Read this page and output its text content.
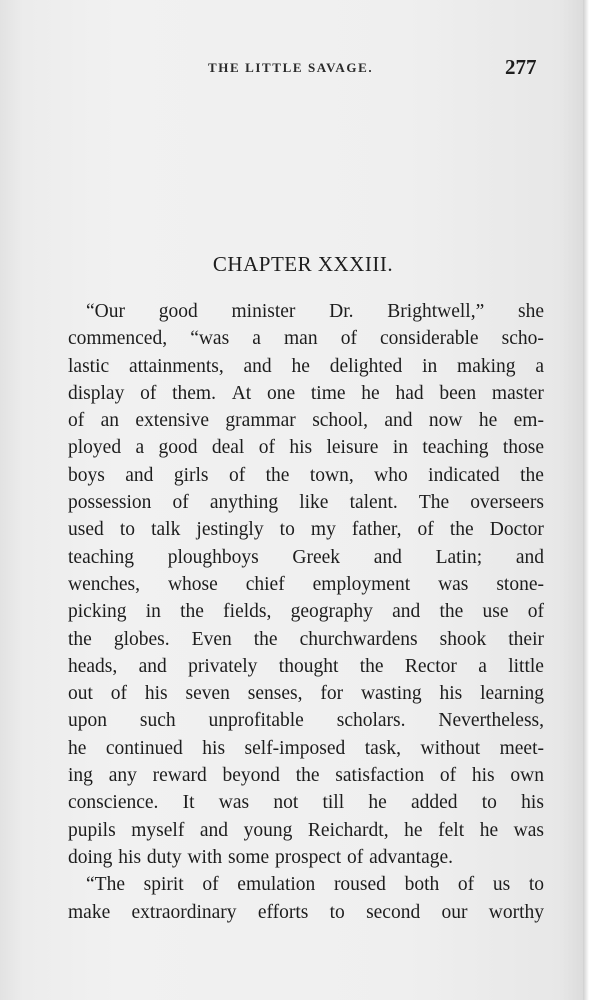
THE LITTLE SAVAGE.	277
CHAPTER XXXIII.
“Our good minister Dr. Brightwell,” she
commenced, “was a man of considerable scho-
lastic attainments, and he delighted in making a
display of them. At one time he had been master
of an extensive grammar school, and now he em-
ployed a good deal of his leisure in teaching those
boys and girls of the town, who indicated the
possession of anything like talent. The overseers
used to talk jestingly to my father, of the Doctor
teaching ploughboys Greek and Latin; and
wenches, whose chief employment was stone-
picking in the fields, geography and the use of
the globes. Even the churchwardens shook their
heads, and privately thought the Rector a little
out of his seven senses, for wasting his learning
upon such unprofitable scholars. Nevertheless,
he continued his self-imposed task, without meet-
ing any reward beyond the satisfaction of his own
conscience. It was not till he added to his
pupils myself and young Reichardt, he felt he was
doing his duty with some prospect of advantage.
“The spirit of emulation roused both of us to
make extraordinary efforts to second our worthy
